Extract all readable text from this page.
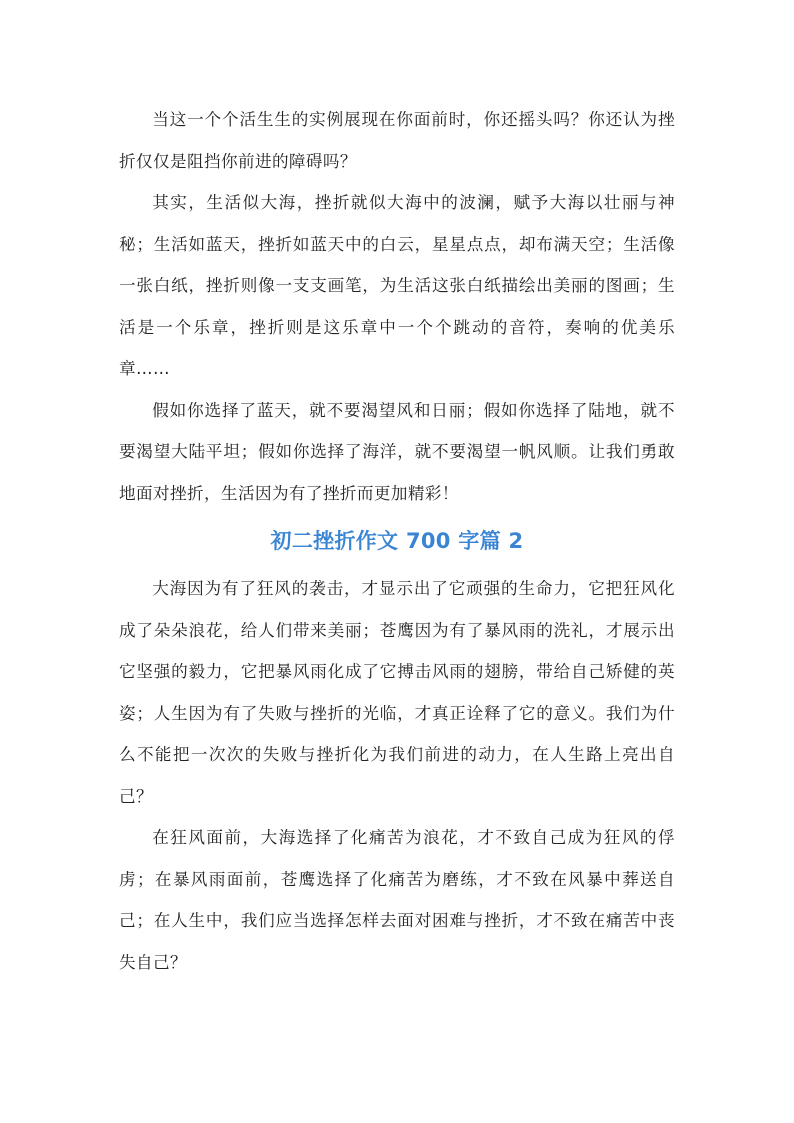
当这一个个活生生的实例展现在你面前时，你还摇头吗？你还认为挫折仅仅是阻挡你前进的障碍吗？

其实，生活似大海，挫折就似大海中的波澜，赋予大海以壮丽与神秘；生活如蓝天，挫折如蓝天中的白云，星星点点，却布满天空；生活像一张白纸，挫折则像一支支画笔，为生活这张白纸描绘出美丽的图画；生活是一个乐章，挫折则是这乐章中一个个跳动的音符，奏响的优美乐章……

假如你选择了蓝天，就不要渴望风和日丽；假如你选择了陆地，就不要渴望大陆平坦；假如你选择了海洋，就不要渴望一帆风顺。让我们勇敢地面对挫折，生活因为有了挫折而更加精彩！

初二挫折作文 700 字篇 2

大海因为有了狂风的袭击，才显示出了它顽强的生命力，它把狂风化成了朵朵浪花，给人们带来美丽；苍鹰因为有了暴风雨的洗礼，才展示出它坚强的毅力，它把暴风雨化成了它搏击风雨的翅膀，带给自己矫健的英姿；人生因为有了失败与挫折的光临，才真正诠释了它的意义。我们为什么不能把一次次的失败与挫折化为我们前进的动力，在人生路上亮出自己？

在狂风面前，大海选择了化痛苦为浪花，才不致自己成为狂风的俘虏；在暴风雨面前，苍鹰选择了化痛苦为磨练，才不致在风暴中葬送自己；在人生中，我们应当选择怎样去面对困难与挫折，才不致在痛苦中丧失自己？
